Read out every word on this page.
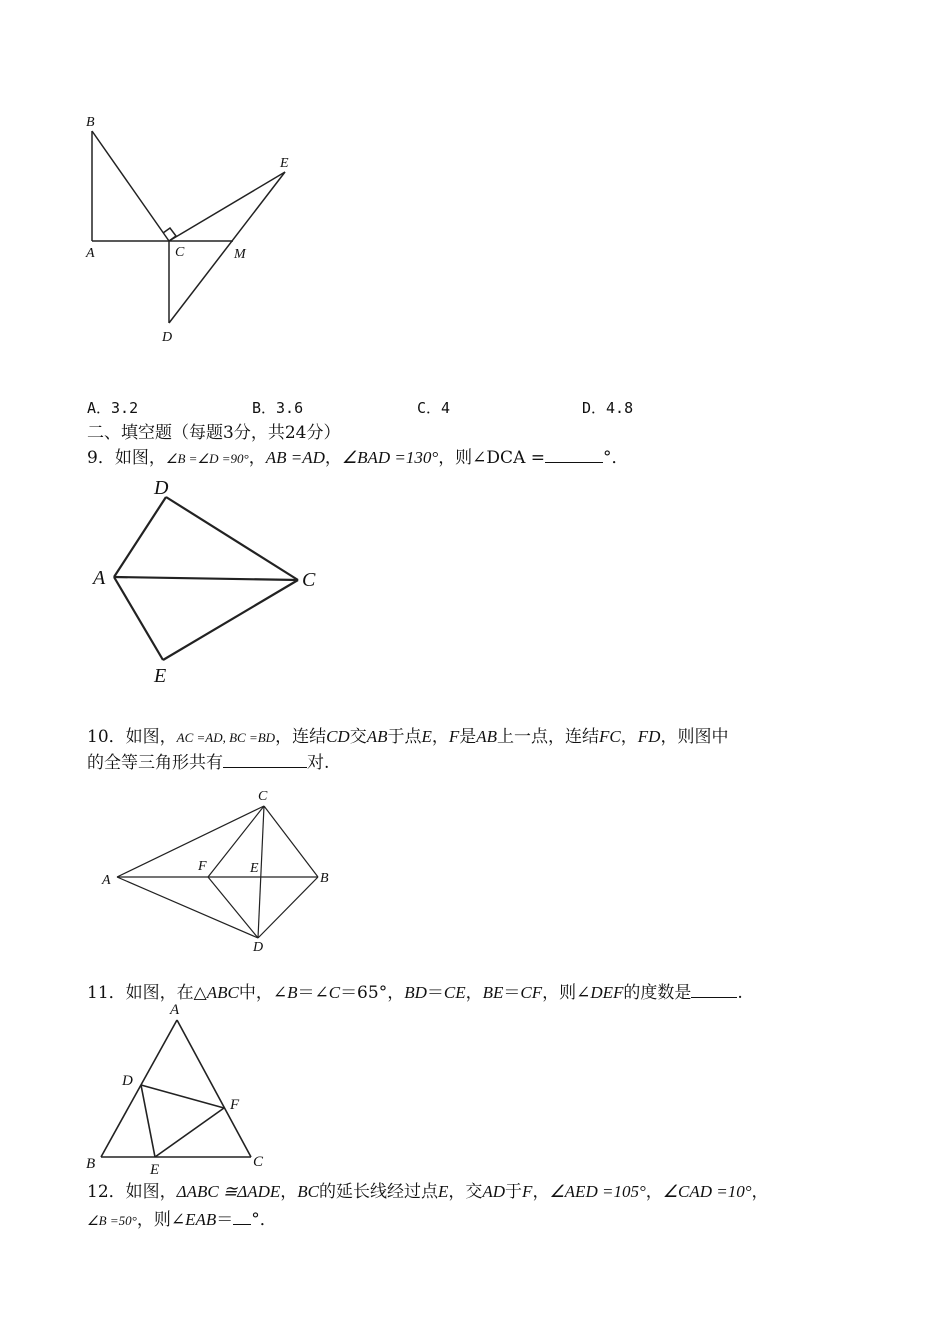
B
E
A	C	M
D
A．3.2	B．3.6	C．4	D．4.8
二、填空题（每题3分，共24分）
9．如图，∠B =∠D =90°，AB =AD，∠BAD =130°，则∠DCA =	°．
D
A	C
E
10．如图，AC =AD, BC =BD，连结CD交AB于点E，F是AB上一点，连结FC，FD，则图中
的全等三角形共有	对.
C
A
F	E
B
D
11．如图，在△ABC中，∠B＝∠C＝65°，BD＝CE，BE＝CF，则∠DEF的度数是	.
A
D
F
B	E	C
12．如图，ΔABC ≅ΔADE，BC的延长线经过点E，交AD于F，∠AED =105°，∠CAD =10°，
∠B =50°，则∠EAB＝ °．
